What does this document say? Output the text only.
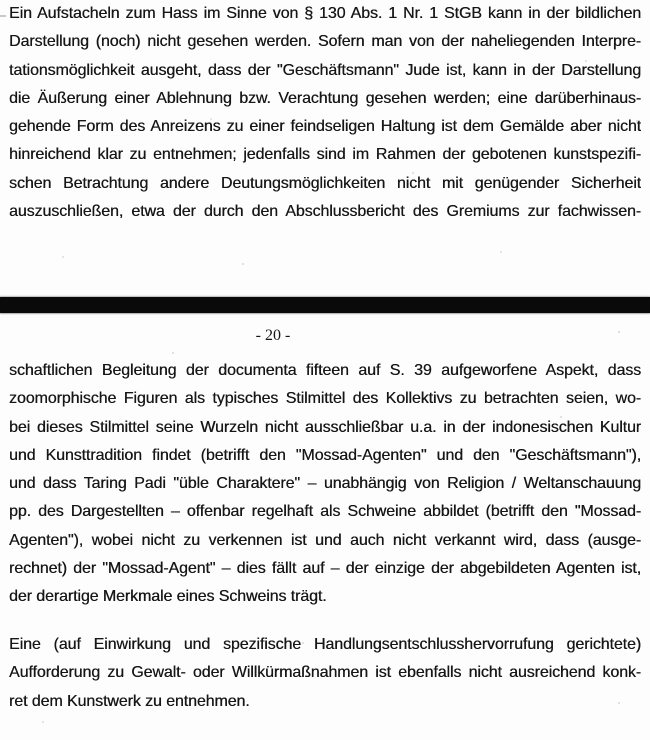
Ein Aufstacheln zum Hass im Sinne von § 130 Abs. 1 Nr. 1 StGB kann in der bildlichen
Darstellung (noch) nicht gesehen werden. Sofern man von der naheliegenden Interpre-
tationsmöglichkeit ausgeht, dass der "Geschäftsmann" Jude ist, kann in der Darstellung
die Äußerung einer Ablehnung bzw. Verachtung gesehen werden; eine darüberhinaus-
gehende Form des Anreizens zu einer feindseligen Haltung ist dem Gemälde aber nicht
hinreichend klar zu entnehmen; jedenfalls sind im Rahmen der gebotenen kunstspezifi-
schen Betrachtung andere Deutungsmöglichkeiten nicht mit genügender Sicherheit
auszuschließen, etwa der durch den Abschlussbericht des Gremiums zur fachwissen-
- 20 -
schaftlichen Begleitung der documenta fifteen auf S. 39 aufgeworfene Aspekt, dass
zoomorphische Figuren als typisches Stilmittel des Kollektivs zu betrachten seien, wo-
bei dieses Stilmittel seine Wurzeln nicht ausschließbar u.a. in der indonesischen Kultur
und Kunsttradition findet (betrifft den "Mossad-Agenten" und den "Geschäftsmann"),
und dass Taring Padi "üble Charaktere" – unabhängig von Religion / Weltanschauung
pp. des Dargestellten – offenbar regelhaft als Schweine abbildet (betrifft den "Mossad-
Agenten"), wobei nicht zu verkennen ist und auch nicht verkannt wird, dass (ausge-
rechnet) der "Mossad-Agent" – dies fällt auf – der einzige der abgebildeten Agenten ist,
der derartige Merkmale eines Schweins trägt.
Eine (auf Einwirkung und spezifische Handlungsentschlusshervorrufung gerichtete)
Aufforderung zu Gewalt- oder Willkürmaßnahmen ist ebenfalls nicht ausreichend konk-
ret dem Kunstwerk zu entnehmen.
